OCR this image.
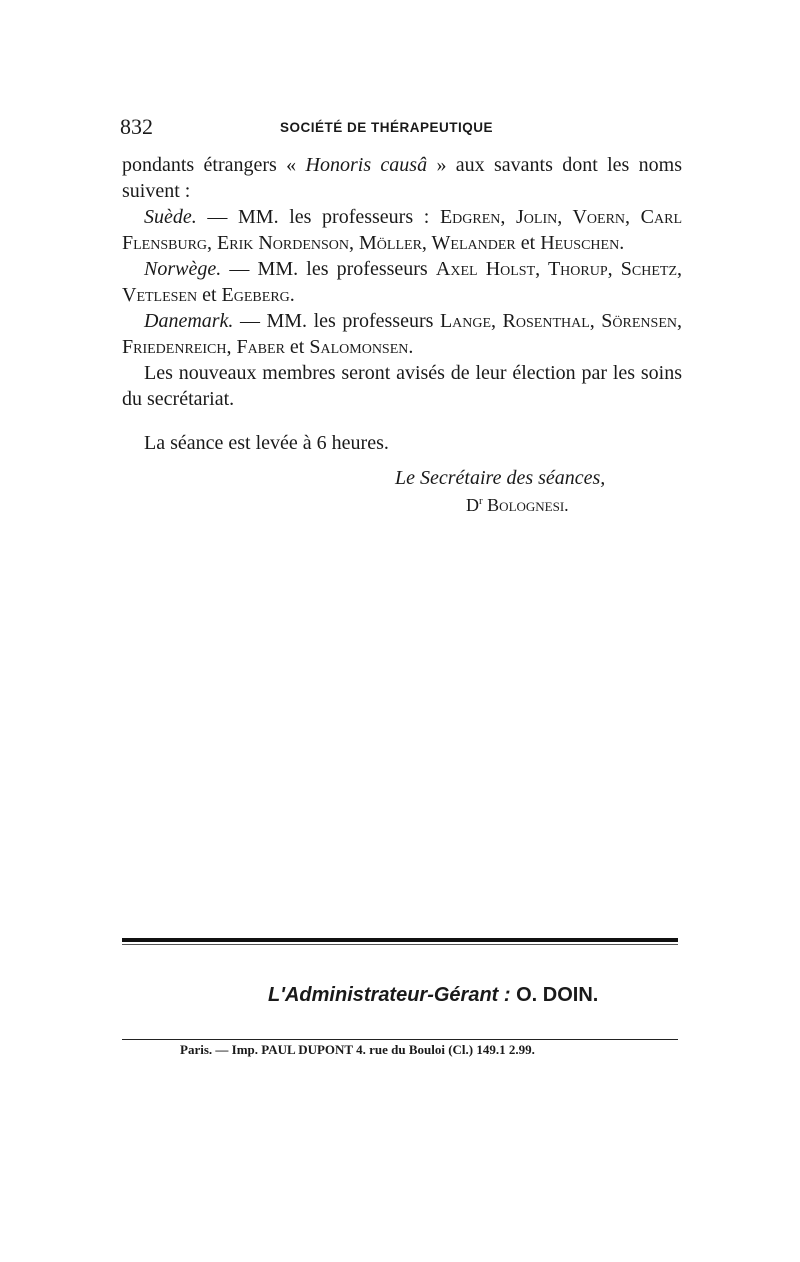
832	SOCIÉTÉ DE THÉRAPEUTIQUE

pondants étrangers « Honoris causâ » aux savants dont les noms suivent :

Suède. — MM. les professeurs : Edgren, Jolin, Voern, Carl Flensburg, Erik Nordenson, Möller, Welander et Heuschen.

Norwège. — MM. les professeurs Axel Holst, Thorup, Schetz, Vetlesen et Egeberg.

Danemark. — MM. les professeurs Lange, Rosenthal, Sörensen, Friedenreich, Faber et Salomonsen.

Les nouveaux membres seront avisés de leur élection par les soins du secrétariat.

La séance est levée à 6 heures.

Le Secrétaire des séances,
$D^r$ Bolognesi.
L'Administrateur-Gérant : O. DOIN.
Paris. — Imp. PAUL DUPONT 4. rue du Bouloi (Cl.) 149.1 2.99.
